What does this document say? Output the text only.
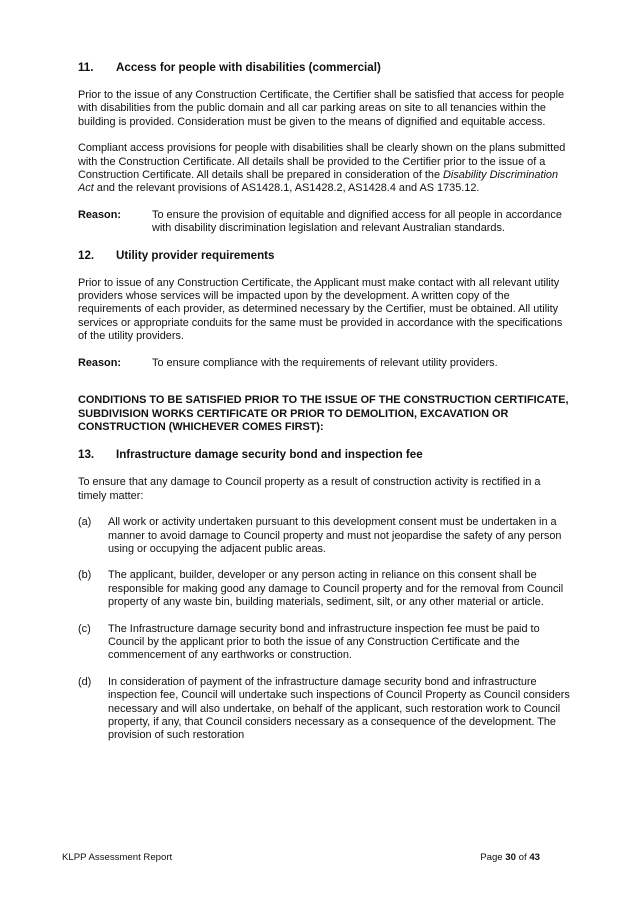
11.	Access for people with disabilities (commercial)

Prior to the issue of any Construction Certificate, the Certifier shall be satisfied that access for people with disabilities from the public domain and all car parking areas on site to all tenancies within the building is provided. Consideration must be given to the means of dignified and equitable access.

Compliant access provisions for people with disabilities shall be clearly shown on the plans submitted with the Construction Certificate. All details shall be provided to the Certifier prior to the issue of a Construction Certificate. All details shall be prepared in consideration of the Disability Discrimination Act and the relevant provisions of AS1428.1, AS1428.2, AS1428.4 and AS 1735.12.

Reason:	To ensure the provision of equitable and dignified access for all people in accordance with disability discrimination legislation and relevant Australian standards.
12.	Utility provider requirements

Prior to issue of any Construction Certificate, the Applicant must make contact with all relevant utility providers whose services will be impacted upon by the development. A written copy of the requirements of each provider, as determined necessary by the Certifier, must be obtained. All utility services or appropriate conduits for the same must be provided in accordance with the specifications of the utility providers.

Reason:	To ensure compliance with the requirements of relevant utility providers.

CONDITIONS TO BE SATISFIED PRIOR TO THE ISSUE OF THE CONSTRUCTION CERTIFICATE, SUBDIVISION WORKS CERTIFICATE OR PRIOR TO DEMOLITION, EXCAVATION OR CONSTRUCTION (WHICHEVER COMES FIRST):

13.	Infrastructure damage security bond and inspection fee

To ensure that any damage to Council property as a result of construction activity is rectified in a timely matter:

(a)	All work or activity undertaken pursuant to this development consent must be undertaken in a manner to avoid damage to Council property and must not jeopardise the safety of any person using or occupying the adjacent public areas.
(b)	The applicant, builder, developer or any person acting in reliance on this consent shall be responsible for making good any damage to Council property and for the removal from Council property of any waste bin, building materials, sediment, silt, or any other material or article.
(c)	The Infrastructure damage security bond and infrastructure inspection fee must be paid to Council by the applicant prior to both the issue of any Construction Certificate and the commencement of any earthworks or construction.
(d)	In consideration of payment of the infrastructure damage security bond and infrastructure inspection fee, Council will undertake such inspections of Council Property as Council considers necessary and will also undertake, on behalf of the applicant, such restoration work to Council property, if any, that Council considers necessary as a consequence of the development. The provision of such restoration
KLPP Assessment Report	Page 30 of 43
